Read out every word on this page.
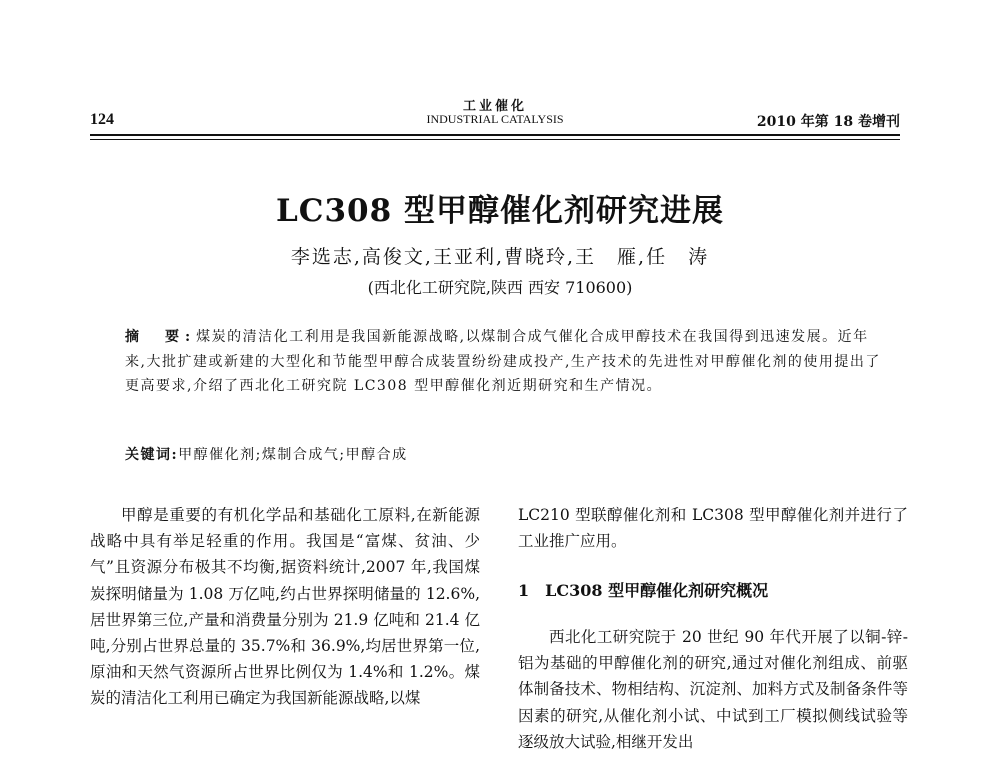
124
工业催化
INDUSTRIAL CATALYSIS	2010 年第 18 卷增刊
LC308 型甲醇催化剂研究进展
李选志,高俊文,王亚利,曹晓玲,王　雁,任　涛
(西北化工研究院,陕西 西安 710600)
摘　要:煤炭的清洁化工利用是我国新能源战略,以煤制合成气催化合成甲醇技术在我国得到迅速发展。近年来,大批扩建或新建的大型化和节能型甲醇合成装置纷纷建成投产,生产技术的先进性对甲醇催化剂的使用提出了更高要求,介绍了西北化工研究院 LC308 型甲醇催化剂近期研究和生产情况。
关键词:甲醇催化剂;煤制合成气;甲醇合成
甲醇是重要的有机化学品和基础化工原料,在新能源战略中具有举足轻重的作用。我国是“富煤、贫油、少气”且资源分布极其不均衡,据资料统计,2007 年,我国煤炭探明储量为 1.08 万亿吨,约占世界探明储量的 12.6%,居世界第三位,产量和消费量分别为 21.9 亿吨和 21.4 亿吨,分别占世界总量的 35.7%和 36.9%,均居世界第一位,原油和天然气资源所占世界比例仅为 1.4%和 1.2%。煤炭的清洁化工利用已确定为我国新能源战略,以煤
LC210 型联醇催化剂和 LC308 型甲醇催化剂并进行了工业推广应用。
1　LC308 型甲醇催化剂研究概况
西北化工研究院于 20 世纪 90 年代开展了以铜-锌-铝为基础的甲醇催化剂的研究,通过对催化剂组成、前驱体制备技术、物相结构、沉淀剂、加料方式及制备条件等因素的研究,从催化剂小试、中试到工厂模拟侧线试验等逐级放大试验,相继开发出
